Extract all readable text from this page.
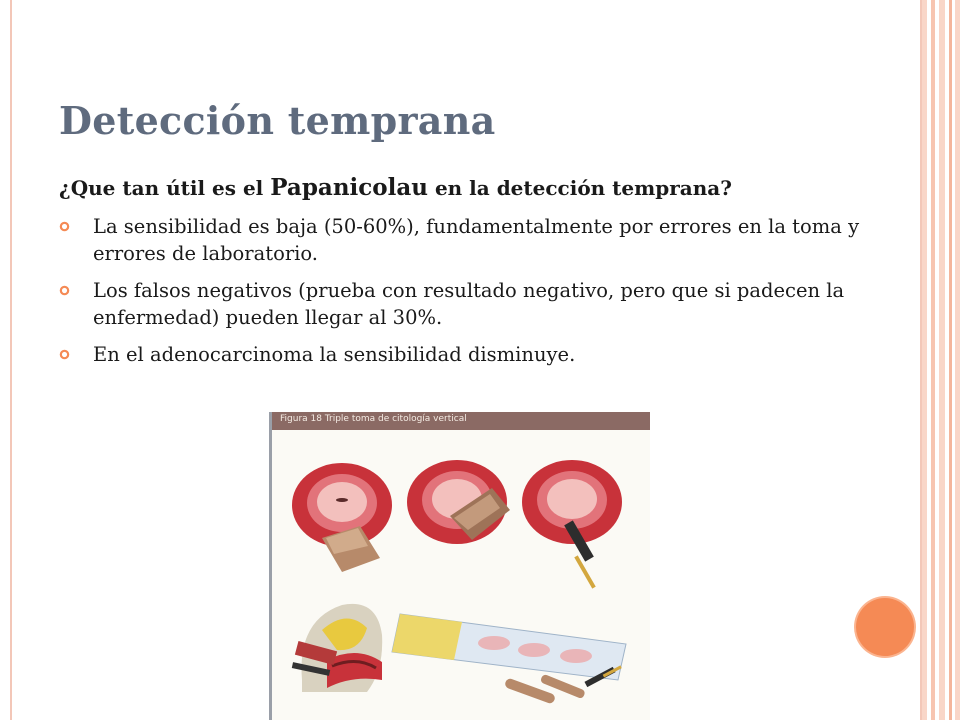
Detección temprana
¿Que tan útil es el Papanicolau en la detección temprana?
La sensibilidad es baja (50-60%), fundamentalmente por errores en la toma y errores de laboratorio.
Los falsos negativos (prueba con resultado negativo, pero que si padecen la enfermedad) pueden llegar al 30%.
En el adenocarcinoma la sensibilidad disminuye.
Figura 18 Triple toma de citología vertical
